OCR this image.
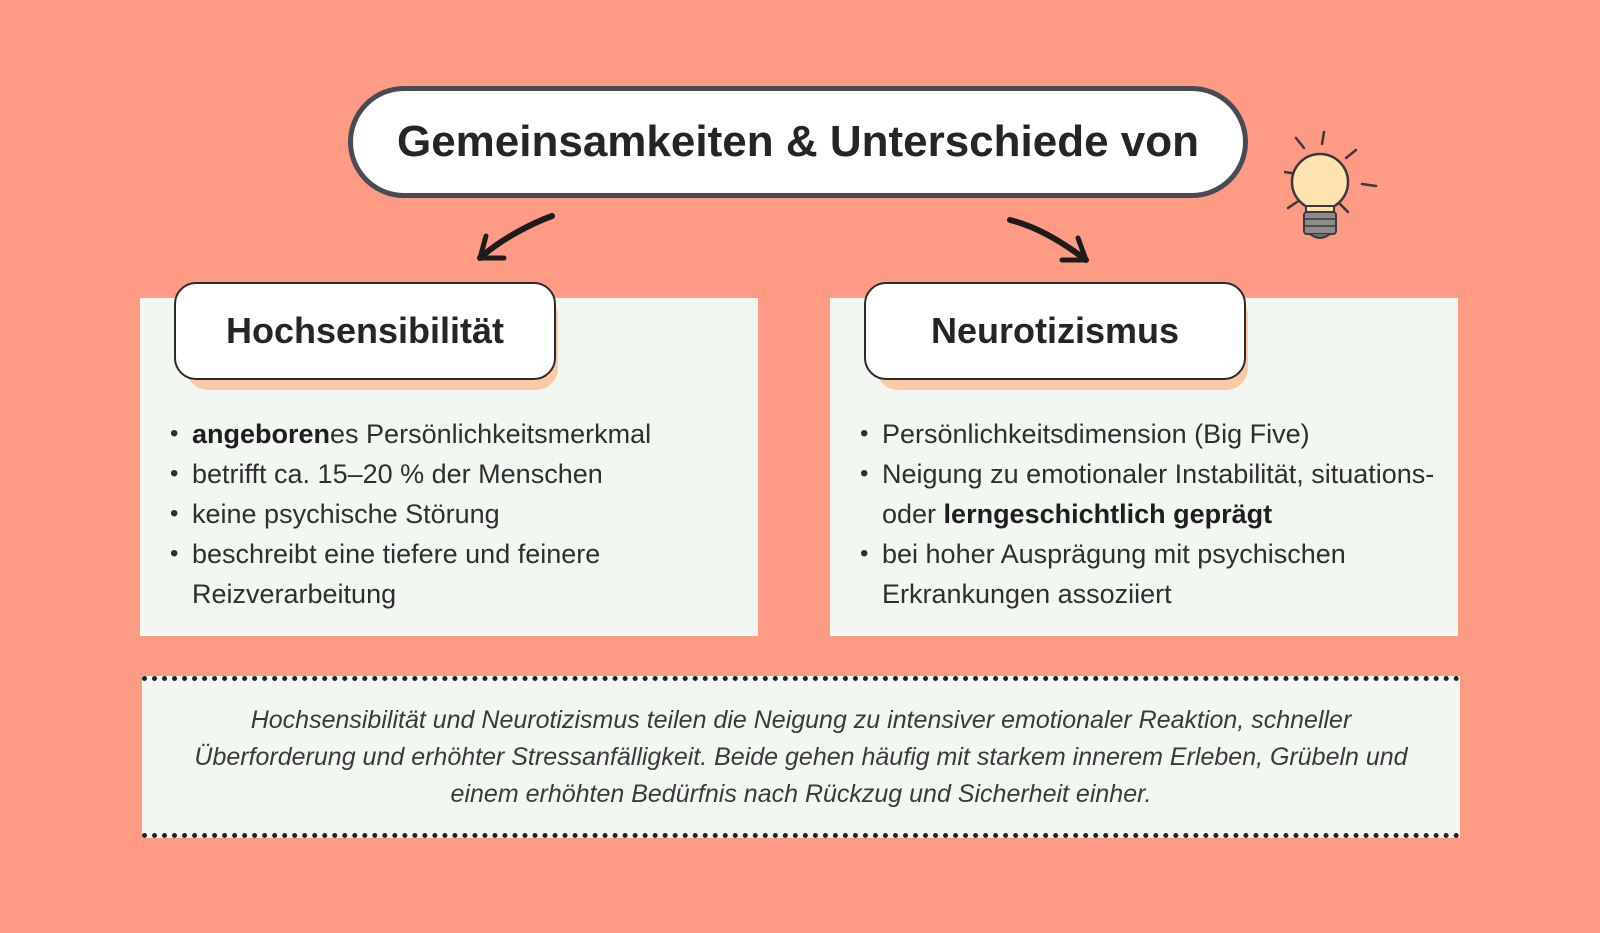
Gemeinsamkeiten & Unterschiede von
Hochsensibilität
• angeborenes Persönlichkeitsmerkmal
• betrifft ca. 15–20 % der Menschen
• keine psychische Störung
• beschreibt eine tiefere und feinere Reizverarbeitung
Neurotizismus
• Persönlichkeitsdimension (Big Five)
• Neigung zu emotionaler Instabilität, situations- oder lerngeschichtlich geprägt
• bei hoher Ausprägung mit psychischen Erkrankungen assoziiert

Hochsensibilität und Neurotizismus teilen die Neigung zu intensiver emotionaler Reaktion, schneller Überforderung und erhöhter Stressanfälligkeit. Beide gehen häufig mit starkem innerem Erleben, Grübeln und einem erhöhten Bedürfnis nach Rückzug und Sicherheit einher.
